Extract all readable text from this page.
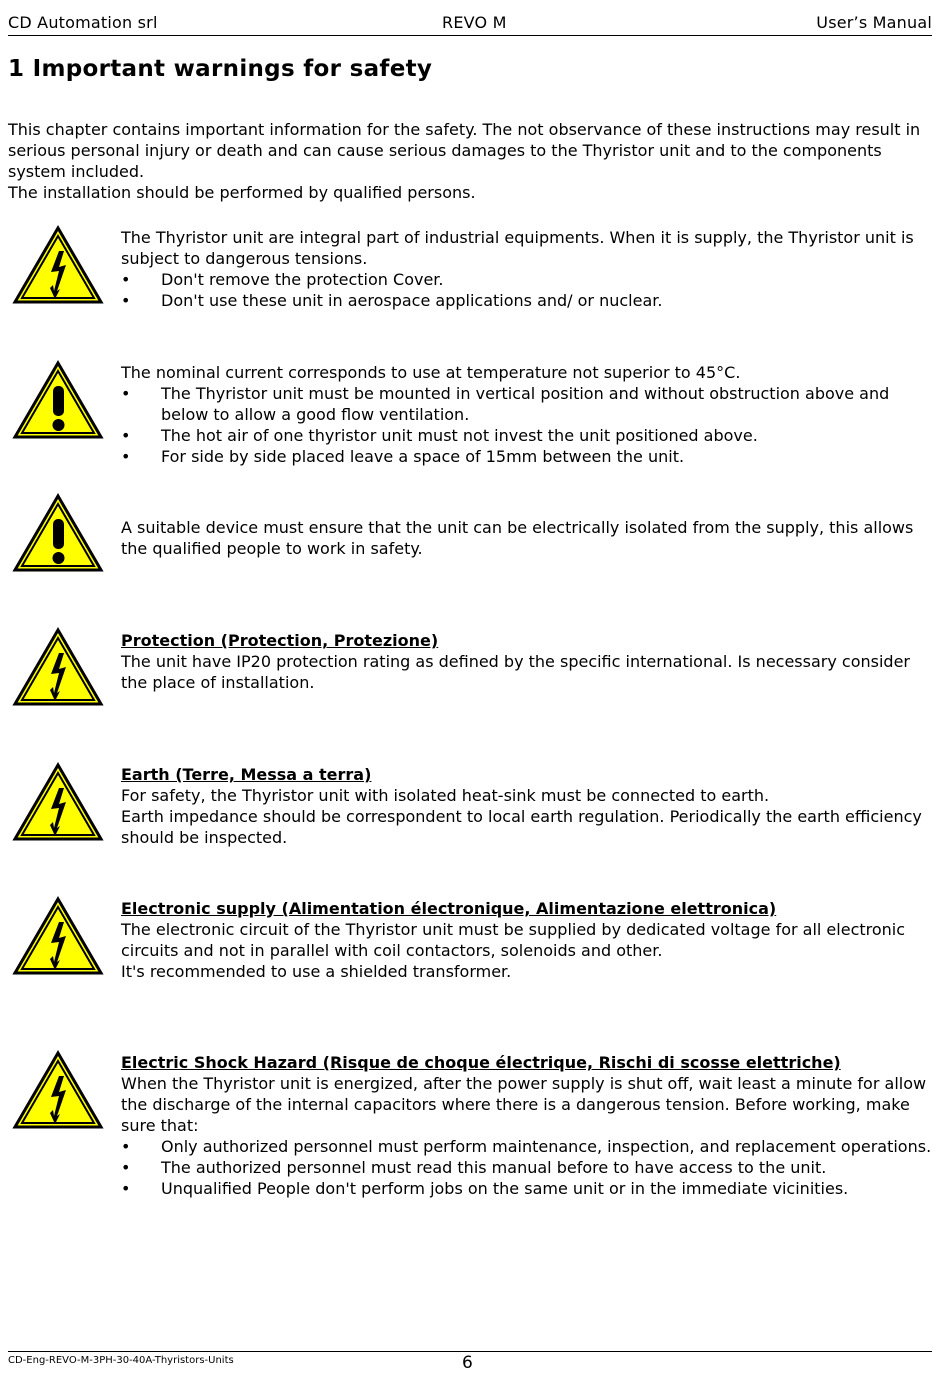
CD Automation srl	REVO M	User’s Manual
1 Important warnings for safety

This chapter contains important information for the safety. The not observance of these instructions may result in serious personal injury or death and can cause serious damages to the Thyristor unit and to the components system included.

The installation should be performed by qualified persons.

The Thyristor unit are integral part of industrial equipments. When it is supply, the Thyristor unit is subject to dangerous tensions.

• Don't remove the protection Cover.
• Don't use these unit in aerospace applications and/ or nuclear.

The nominal current corresponds to use at temperature not superior to 45°C.

• The Thyristor unit must be mounted in vertical position and without obstruction above and below to allow a good flow ventilation.
• The hot air of one thyristor unit must not invest the unit positioned above.
• For side by side placed leave a space of 15mm between the unit.

A suitable device must ensure that the unit can be electrically isolated from the supply, this allows the qualified people to work in safety.

Protection (Protection, Protezione)

The unit have IP20 protection rating as defined by the specific international. Is necessary consider the place of installation.

Earth (Terre, Messa a terra)

For safety, the Thyristor unit with isolated heat-sink must be connected to earth.

Earth impedance should be correspondent to local earth regulation. Periodically the earth efficiency should be inspected.

Electronic supply (Alimentation électronique, Alimentazione elettronica)

The electronic circuit of the Thyristor unit must be supplied by dedicated voltage for all electronic circuits and not in parallel with coil contactors, solenoids and other.

It's recommended to use a shielded transformer.

Electric Shock Hazard (Risque de choque électrique, Rischi di scosse elettriche)

When the Thyristor unit is energized, after the power supply is shut off, wait least a minute for allow the discharge of the internal capacitors where there is a dangerous tension. Before working, make sure that:

• Only authorized personnel must perform maintenance, inspection, and replacement operations.
• The authorized personnel must read this manual before to have access to the unit.
• Unqualified People don't perform jobs on the same unit or in the immediate vicinities.
CD-Eng-REVO-M-3PH-30-40A-Thyristors-Units	6
